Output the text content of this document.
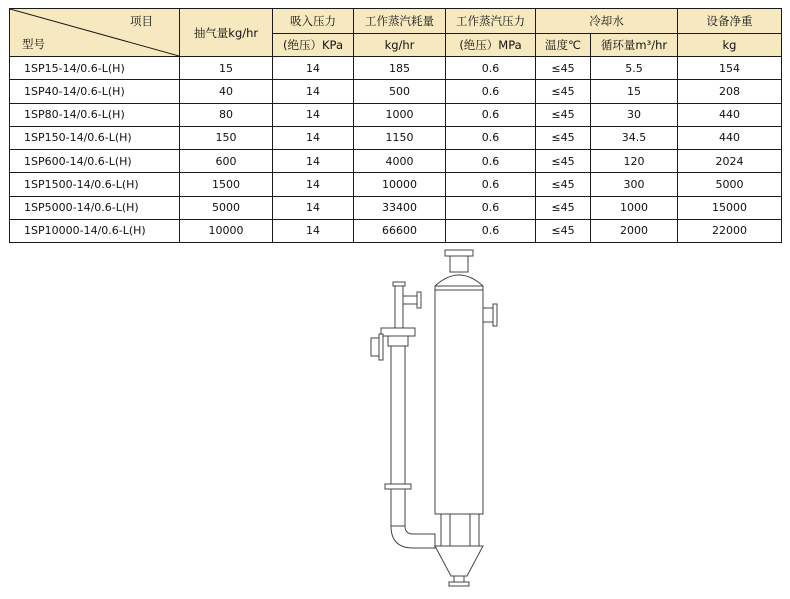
项目
型号	抽气量kg/hr	吸入压力	工作蒸汽耗量	工作蒸汽压力	冷却水		设备净重
		(绝压）KPa	kg/hr	(绝压）MPa	温度℃	循环量m³/hr	kg
1SP15-14/0.6-L(H)	15	14	185	0.6	≤45	5.5	154
1SP40-14/0.6-L(H)	40	14	500	0.6	≤45	15	208
1SP80-14/0.6-L(H)	80	14	1000	0.6	≤45	30	440
1SP150-14/0.6-L(H)	150	14	1150	0.6	≤45	34.5	440
1SP600-14/0.6-L(H)	600	14	4000	0.6	≤45	120	2024
1SP1500-14/0.6-L(H)	1500	14	10000	0.6	≤45	300	5000
1SP5000-14/0.6-L(H)	5000	14	33400	0.6	≤45	1000	15000
1SP10000-14/0.6-L(H)	10000	14	66600	0.6	≤45	2000	22000
